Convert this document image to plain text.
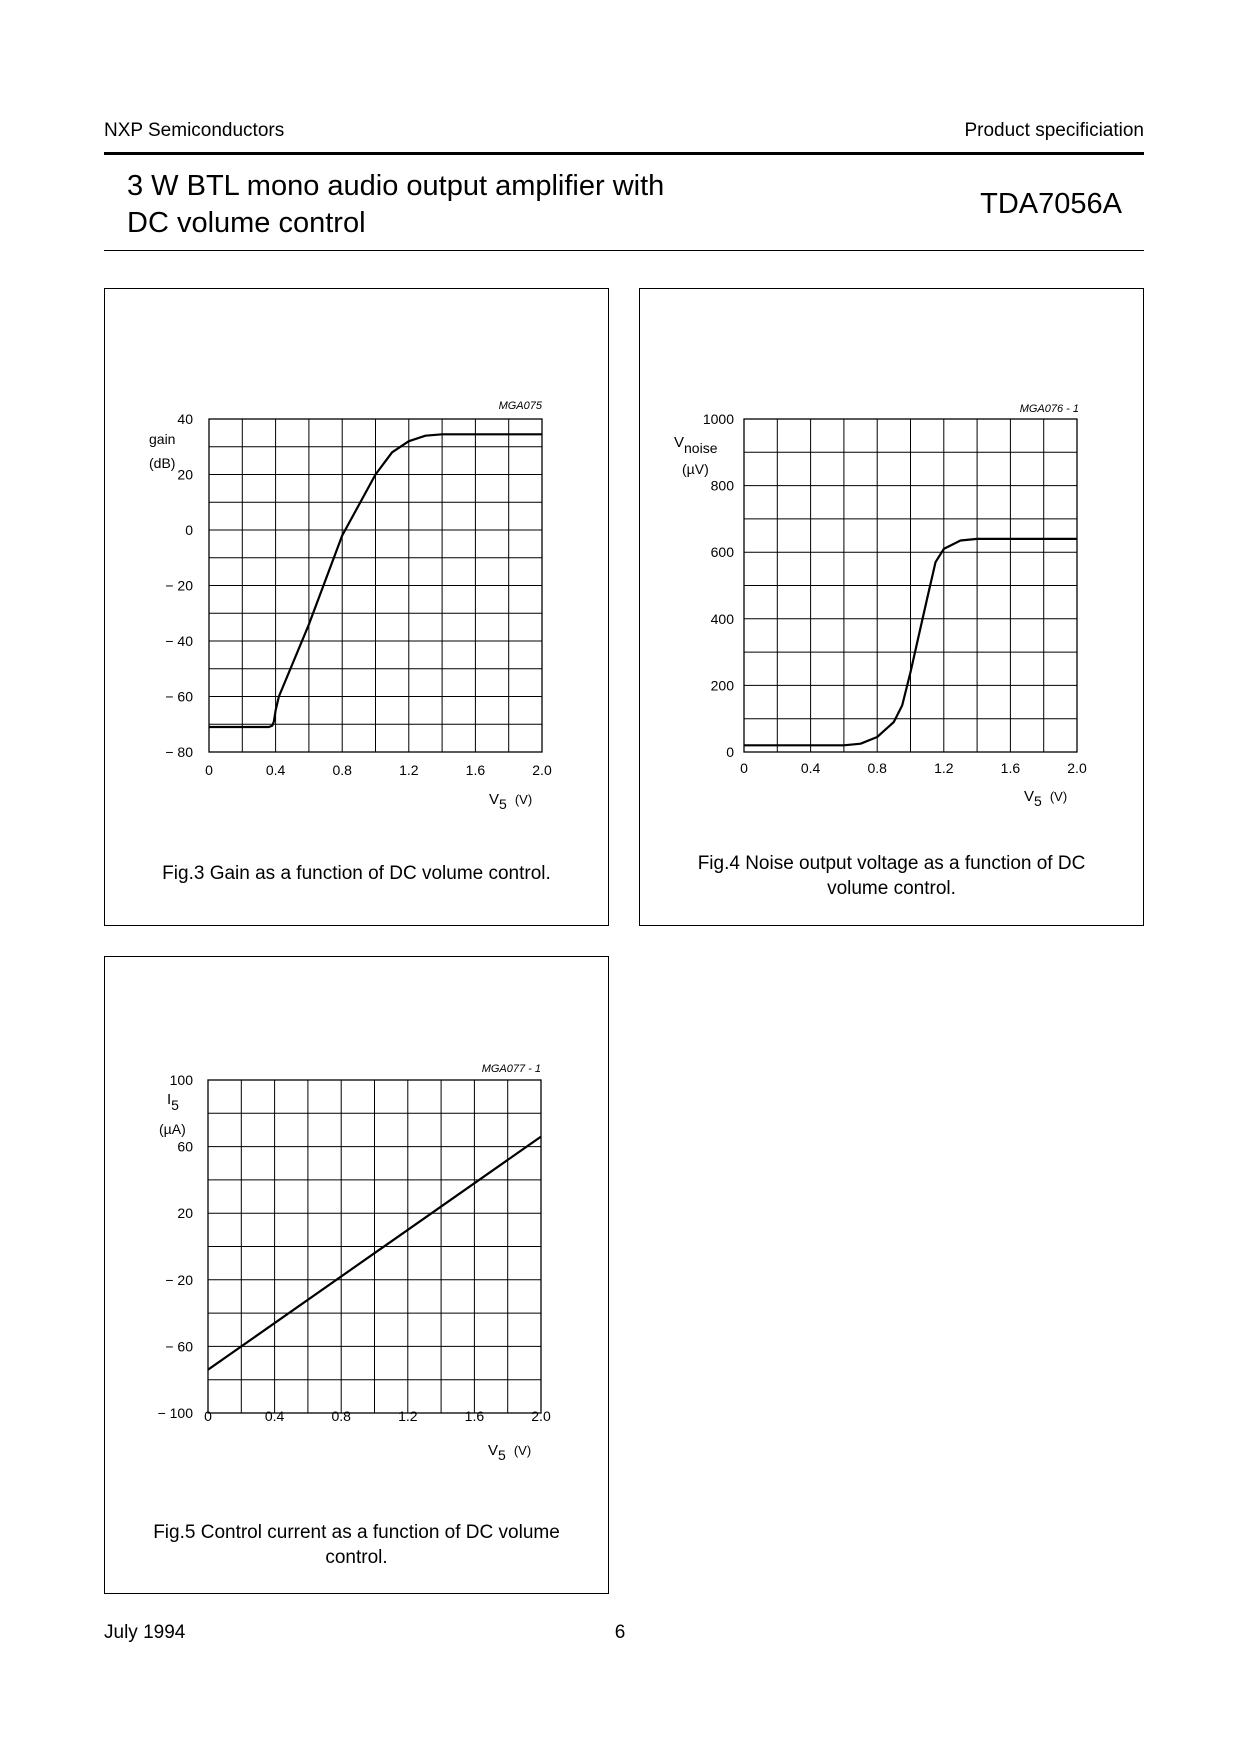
NXP Semiconductors	Product specificiation
3 W BTL mono audio output amplifier with
DC volume control
TDA7056A
0	0.4	0.8	1.2	1.6	2.0
40
20
0
− 20
− 40
− 60
− 80
MGA075
V5 (V)
gain
(dB)
Fig.3 Gain as a function of DC volume control.
0	0.4	0.8	1.2	1.6	2.0
1000
800
600
400
200
0
MGA076 - 1
V5 (V)
Vnoise
(µV)
Fig.4 Noise output voltage as a function of DC
volume control.
0	0.4	0.8	1.2	1.6	2.0
100
60
20
− 20
− 60
− 100
MGA077 - 1
V5 (V)
I5
(µA)
Fig.5 Control current as a function of DC volume
control.
July 1994	6
